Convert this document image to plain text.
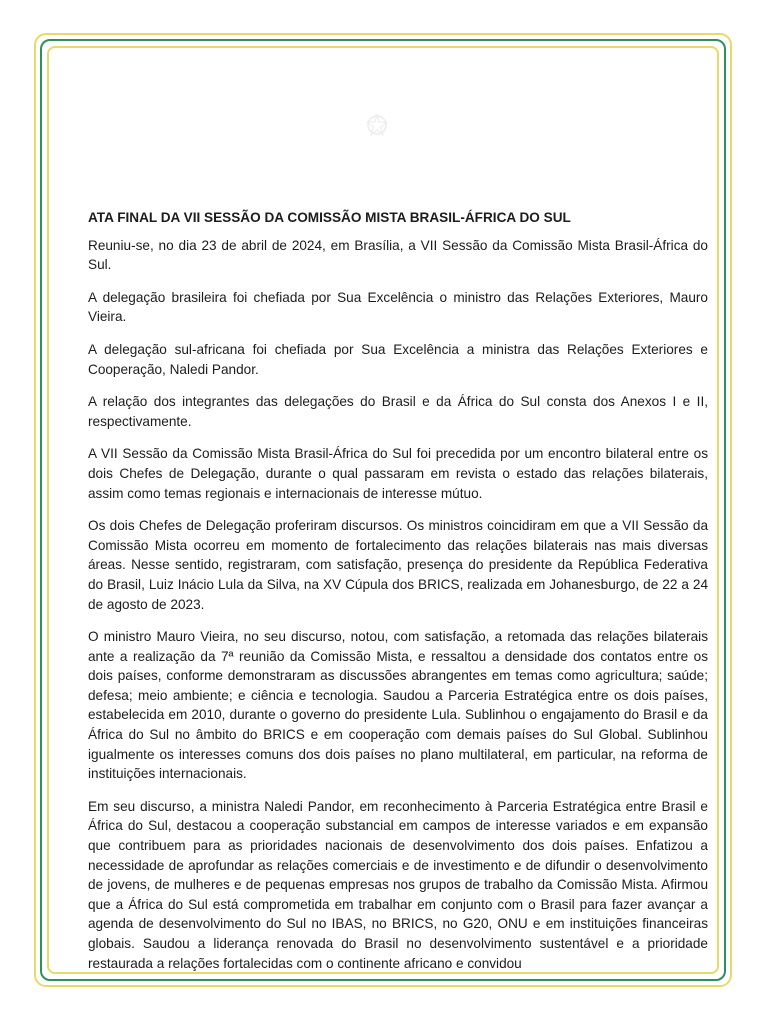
ATA FINAL DA VII SESSÃO DA COMISSÃO MISTA BRASIL-ÁFRICA DO SUL

Reuniu-se, no dia 23 de abril de 2024, em Brasília, a VII Sessão da Comissão Mista Brasil-África do Sul.

A delegação brasileira foi chefiada por Sua Excelência o ministro das Relações Exteriores, Mauro Vieira.

A delegação sul-africana foi chefiada por Sua Excelência a ministra das Relações Exteriores e Cooperação, Naledi Pandor.

A relação dos integrantes das delegações do Brasil e da África do Sul consta dos Anexos I e II, respectivamente.

A VII Sessão da Comissão Mista Brasil-África do Sul foi precedida por um encontro bilateral entre os dois Chefes de Delegação, durante o qual passaram em revista o estado das relações bilaterais, assim como temas regionais e internacionais de interesse mútuo.

Os dois Chefes de Delegação proferiram discursos. Os ministros coincidiram em que a VII Sessão da Comissão Mista ocorreu em momento de fortalecimento das relações bilaterais nas mais diversas áreas. Nesse sentido, registraram, com satisfação, presença do presidente da República Federativa do Brasil, Luiz Inácio Lula da Silva, na XV Cúpula dos BRICS, realizada em Johanesburgo, de 22 a 24 de agosto de 2023.

O ministro Mauro Vieira, no seu discurso, notou, com satisfação, a retomada das relações bilaterais ante a realização da 7ª reunião da Comissão Mista, e ressaltou a densidade dos contatos entre os dois países, conforme demonstraram as discussões abrangentes em temas como agricultura; saúde; defesa; meio ambiente; e ciência e tecnologia. Saudou a Parceria Estratégica entre os dois países, estabelecida em 2010, durante o governo do presidente Lula. Sublinhou o engajamento do Brasil e da África do Sul no âmbito do BRICS e em cooperação com demais países do Sul Global. Sublinhou igualmente os interesses comuns dos dois países no plano multilateral, em particular, na reforma de instituições internacionais.

Em seu discurso, a ministra Naledi Pandor, em reconhecimento à Parceria Estratégica entre Brasil e África do Sul, destacou a cooperação substancial em campos de interesse variados e em expansão que contribuem para as prioridades nacionais de desenvolvimento dos dois países. Enfatizou a necessidade de aprofundar as relações comerciais e de investimento e de difundir o desenvolvimento de jovens, de mulheres e de pequenas empresas nos grupos de trabalho da Comissão Mista. Afirmou que a África do Sul está comprometida em trabalhar em conjunto com o Brasil para fazer avançar a agenda de desenvolvimento do Sul no IBAS, no BRICS, no G20, ONU e em instituições financeiras globais. Saudou a liderança renovada do Brasil no desenvolvimento sustentável e a prioridade restaurada a relações fortalecidas com o continente africano e convidou
